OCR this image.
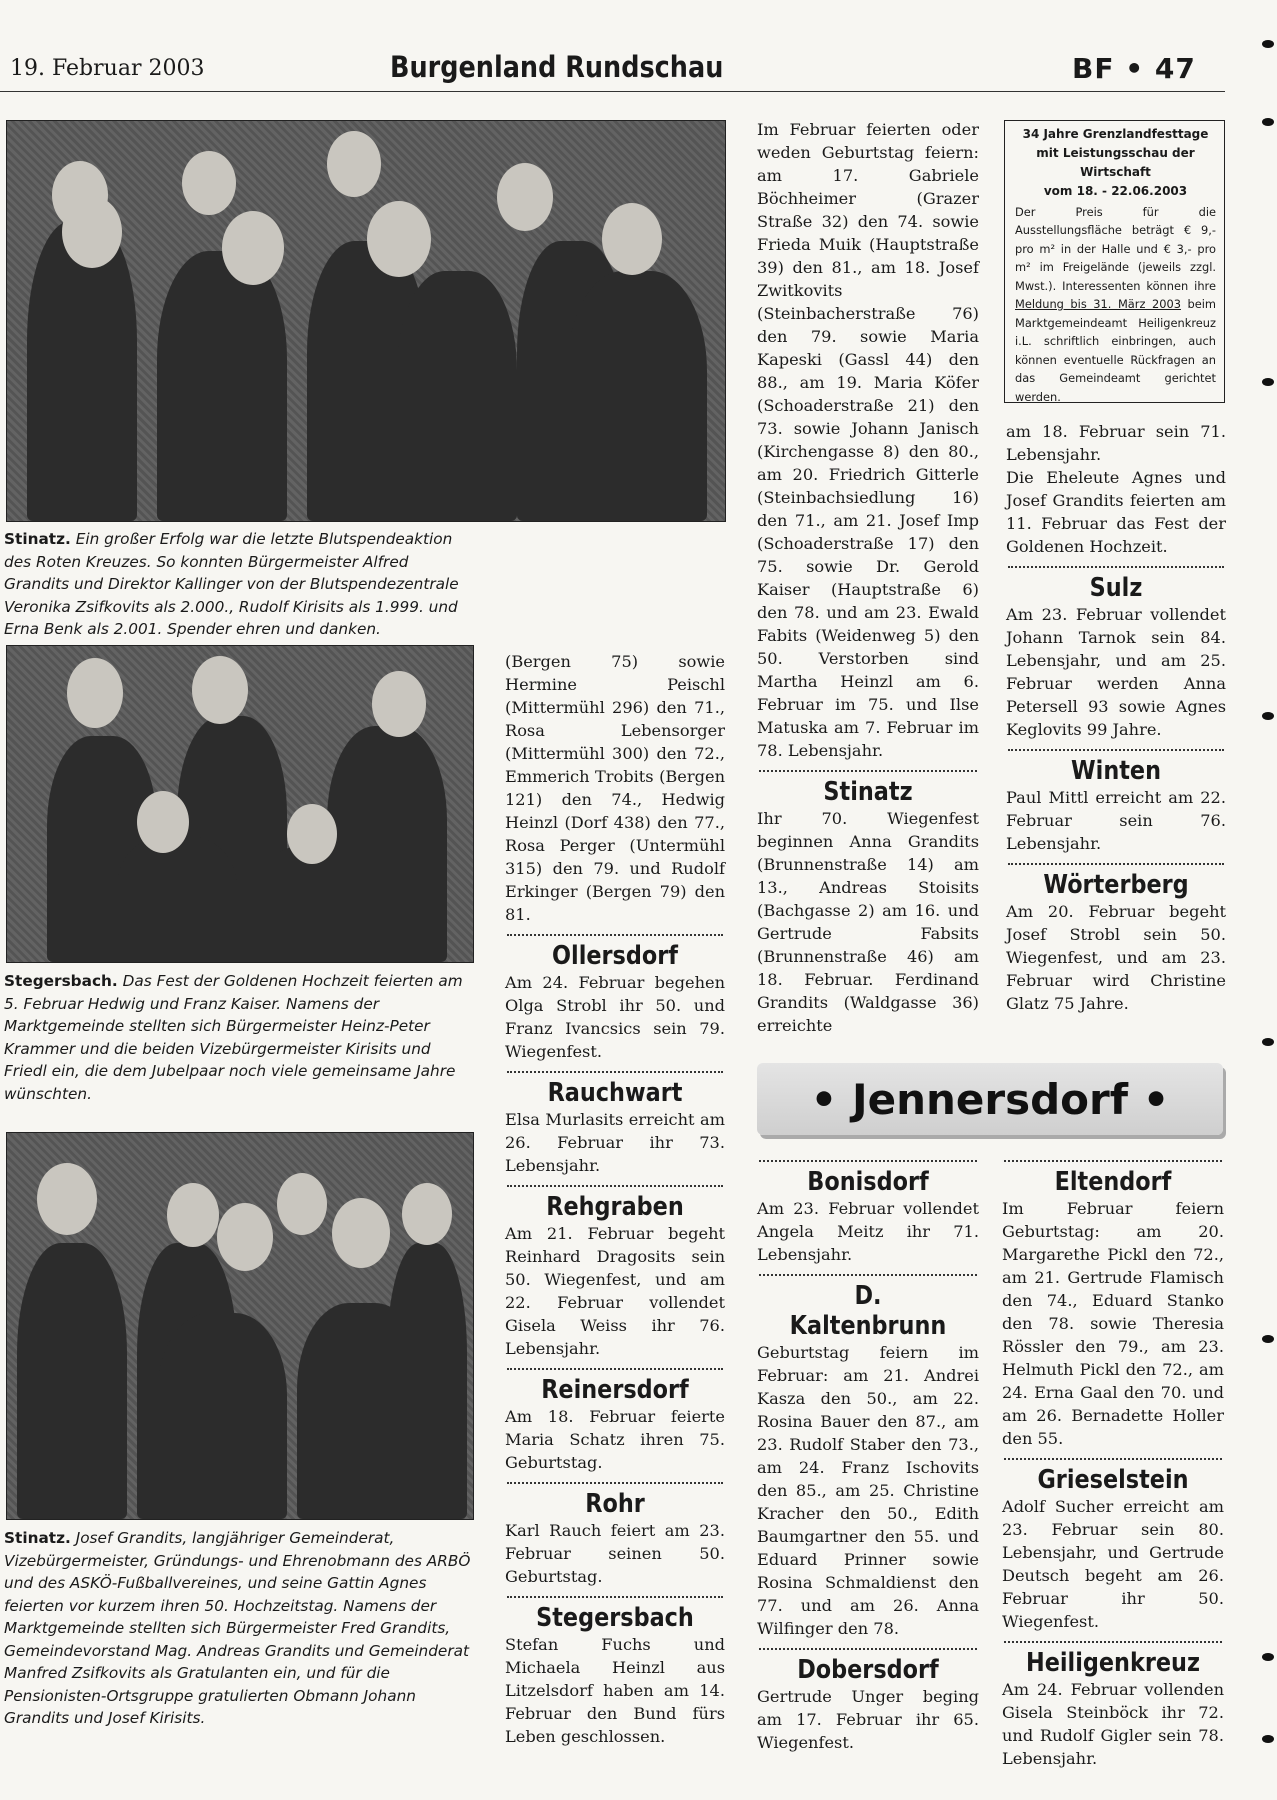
19. Februar 2003	Burgenland Rundschau	BF • 47
Stinatz. Ein großer Erfolg war die letzte Blutspendeaktion des Roten Kreuzes. So konnten Bürgermeister Alfred Grandits und Direktor Kallinger von der Blutspendezentrale Veronika Zsifkovits als 2.000., Rudolf Kirisits als 1.999. und Erna Benk als 2.001. Spender ehren und danken.
Stegersbach. Das Fest der Goldenen Hochzeit feierten am 5. Februar Hedwig und Franz Kaiser. Namens der Marktgemeinde stellten sich Bürgermeister Heinz-Peter Krammer und die beiden Vizebürgermeister Kirisits und Friedl ein, die dem Jubelpaar noch viele gemeinsame Jahre wünschten.
Stinatz. Josef Grandits, langjähriger Gemeinderat, Vizebürgermeister, Gründungs- und Ehrenobmann des ARBÖ und des ASKÖ-Fußballvereines, und seine Gattin Agnes feierten vor kurzem ihren 50. Hochzeitstag. Namens der Marktgemeinde stellten sich Bürgermeister Fred Grandits, Gemeindevorstand Mag. Andreas Grandits und Gemeinderat Manfred Zsifkovits als Gratulanten ein, und für die Pensionisten-Ortsgruppe gratulierten Obmann Johann Grandits und Josef Kirisits.

(Bergen 75) sowie Hermine Peischl (Mittermühl 296) den 71., Rosa Lebensorger (Mittermühl 300) den 72., Emmerich Trobits (Bergen 121) den 74., Hedwig Heinzl (Dorf 438) den 77., Rosa Perger (Untermühl 315) den 79. und Rudolf Erkinger (Bergen 79) den 81.

Ollersdorf

Am 24. Februar begehen Olga Strobl ihr 50. und Franz Ivancsics sein 79. Wiegenfest.

Rauchwart

Elsa Murlasits erreicht am 26. Februar ihr 73. Lebensjahr.

Rehgraben

Am 21. Februar begeht Reinhard Dragosits sein 50. Wiegenfest, und am 22. Februar vollendet Gisela Weiss ihr 76. Lebensjahr.

Reinersdorf

Am 18. Februar feierte Maria Schatz ihren 75. Geburtstag.

Rohr

Karl Rauch feiert am 23. Februar seinen 50. Geburtstag.

Stegersbach

Stefan Fuchs und Michaela Heinzl aus Litzelsdorf haben am 14. Februar den Bund fürs Leben geschlossen.

Im Februar feierten oder weden Geburtstag feiern: am 17. Gabriele Böchheimer (Grazer Straße 32) den 74. sowie Frieda Muik (Hauptstraße 39) den 81., am 18. Josef Zwitkovits (Steinbacherstraße 76) den 79. sowie Maria Kapeski (Gassl 44) den 88., am 19. Maria Köfer (Schoaderstraße 21) den 73. sowie Johann Janisch (Kirchengasse 8) den 80., am 20. Friedrich Gitterle (Steinbachsiedlung 16) den 71., am 21. Josef Imp (Schoaderstraße 17) den 75. sowie Dr. Gerold Kaiser (Hauptstraße 6) den 78. und am 23. Ewald Fabits (Weidenweg 5) den 50. Verstorben sind Martha Heinzl am 6. Februar im 75. und Ilse Matuska am 7. Februar im 78. Lebensjahr.

Stinatz

Ihr 70. Wiegenfest beginnen Anna Grandits (Brunnenstraße 14) am 13., Andreas Stoisits (Bachgasse 2) am 16. und Gertrude Fabsits (Brunnenstraße 46) am 18. Februar. Ferdinand Grandits (Waldgasse 36) erreichte

34 Jahre Grenzlandfesttage mit Leistungsschau der Wirtschaft
vom 18. - 22.06.2003
Der Preis für die Ausstellungsfläche beträgt € 9,- pro m² in der Halle und € 3,- pro m² im Freigelände (jeweils zzgl. Mwst.). Interessenten können ihre Meldung bis 31. März 2003 beim Marktgemeindeamt Heiligenkreuz i.L. schriftlich einbringen, auch können eventuelle Rückfragen an das Gemeindeamt gerichtet werden.

am 18. Februar sein 71. Lebensjahr.

Die Eheleute Agnes und Josef Grandits feierten am 11. Februar das Fest der Goldenen Hochzeit.

Sulz

Am 23. Februar vollendet Johann Tarnok sein 84. Lebensjahr, und am 25. Februar werden Anna Petersell 93 sowie Agnes Keglovits 99 Jahre.

Winten

Paul Mittl erreicht am 22. Februar sein 76. Lebensjahr.

Wörterberg

Am 20. Februar begeht Josef Strobl sein 50. Wiegenfest, und am 23. Februar wird Christine Glatz 75 Jahre.

• Jennersdorf •
Bonisdorf

Am 23. Februar vollendet Angela Meitz ihr 71. Lebensjahr.

D. Kaltenbrunn

Geburtstag feiern im Februar: am 21. Andrei Kasza den 50., am 22. Rosina Bauer den 87., am 23. Rudolf Staber den 73., am 24. Franz Ischovits den 85., am 25. Christine Kracher den 50., Edith Baumgartner den 55. und Eduard Prinner sowie Rosina Schmaldienst den 77. und am 26. Anna Wilfinger den 78.

Dobersdorf

Gertrude Unger beging am 17. Februar ihr 65. Wiegenfest.

Eltendorf

Im Februar feiern Geburtstag: am 20. Margarethe Pickl den 72., am 21. Gertrude Flamisch den 74., Eduard Stanko den 78. sowie Theresia Rössler den 79., am 23. Helmuth Pickl den 72., am 24. Erna Gaal den 70. und am 26. Bernadette Holler den 55.

Grieselstein

Adolf Sucher erreicht am 23. Februar sein 80. Lebensjahr, und Gertrude Deutsch begeht am 26. Februar ihr 50. Wiegenfest.

Heiligenkreuz

Am 24. Februar vollenden Gisela Steinböck ihr 72. und Rudolf Gigler sein 78. Lebensjahr.
